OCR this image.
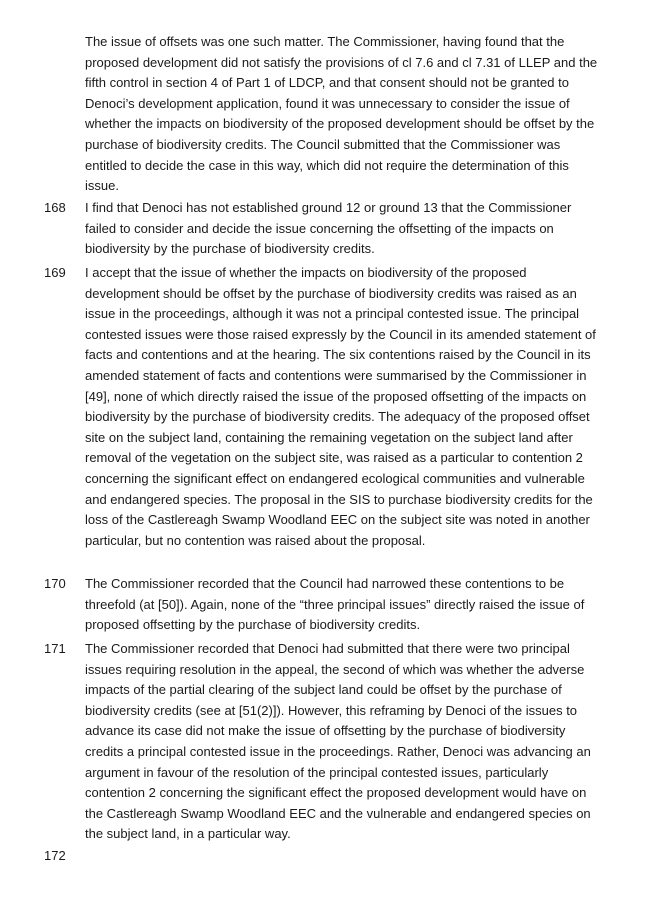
The issue of offsets was one such matter. The Commissioner, having found that the proposed development did not satisfy the provisions of cl 7.6 and cl 7.31 of LLEP and the fifth control in section 4 of Part 1 of LDCP, and that consent should not be granted to Denoci’s development application, found it was unnecessary to consider the issue of whether the impacts on biodiversity of the proposed development should be offset by the purchase of biodiversity credits. The Council submitted that the Commissioner was entitled to decide the case in this way, which did not require the determination of this issue.
168	I find that Denoci has not established ground 12 or ground 13 that the Commissioner failed to consider and decide the issue concerning the offsetting of the impacts on biodiversity by the purchase of biodiversity credits.
169	I accept that the issue of whether the impacts on biodiversity of the proposed development should be offset by the purchase of biodiversity credits was raised as an issue in the proceedings, although it was not a principal contested issue. The principal contested issues were those raised expressly by the Council in its amended statement of facts and contentions and at the hearing. The six contentions raised by the Council in its amended statement of facts and contentions were summarised by the Commissioner in [49], none of which directly raised the issue of the proposed offsetting of the impacts on biodiversity by the purchase of biodiversity credits. The adequacy of the proposed offset site on the subject land, containing the remaining vegetation on the subject land after removal of the vegetation on the subject site, was raised as a particular to contention 2 concerning the significant effect on endangered ecological communities and vulnerable and endangered species. The proposal in the SIS to purchase biodiversity credits for the loss of the Castlereagh Swamp Woodland EEC on the subject site was noted in another particular, but no contention was raised about the proposal.
170	The Commissioner recorded that the Council had narrowed these contentions to be threefold (at [50]). Again, none of the “three principal issues” directly raised the issue of proposed offsetting by the purchase of biodiversity credits.
171	The Commissioner recorded that Denoci had submitted that there were two principal issues requiring resolution in the appeal, the second of which was whether the adverse impacts of the partial clearing of the subject land could be offset by the purchase of biodiversity credits (see at [51(2)]). However, this reframing by Denoci of the issues to advance its case did not make the issue of offsetting by the purchase of biodiversity credits a principal contested issue in the proceedings. Rather, Denoci was advancing an argument in favour of the resolution of the principal contested issues, particularly contention 2 concerning the significant effect the proposed development would have on the Castlereagh Swamp Woodland EEC and the vulnerable and endangered species on the subject land, in a particular way.
172
